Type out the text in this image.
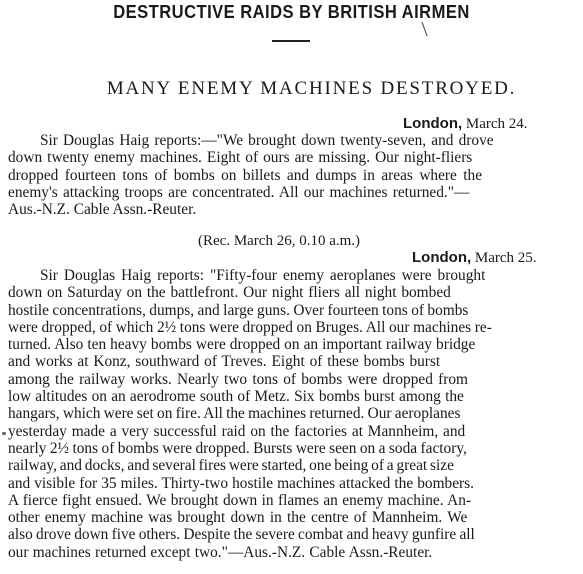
DESTRUCTIVE RAIDS BY BRITISH AIRMEN
MANY ENEMY MACHINES DESTROYED.
London, March 24.
Sir Douglas Haig reports:—"We brought down twenty-seven, and drove
down twenty enemy machines. Eight of ours are missing. Our night-fliers
dropped fourteen tons of bombs on billets and dumps in areas where the
enemy's attacking troops are concentrated. All our machines returned."—
Aus.-N.Z. Cable Assn.-Reuter.
(Rec. March 26, 0.10 a.m.)
London, March 25.
Sir Douglas Haig reports: "Fifty-four enemy aeroplanes were brought
down on Saturday on the battlefront. Our night fliers all night bombed
hostile concentrations, dumps, and large guns. Over fourteen tons of bombs
were dropped, of which 2½ tons were dropped on Bruges. All our machines re-
turned. Also ten heavy bombs were dropped on an important railway bridge
and works at Konz, southward of Treves. Eight of these bombs burst
among the railway works. Nearly two tons of bombs were dropped from
low altitudes on an aerodrome south of Metz. Six bombs burst among the
hangars, which were set on fire. All the machines returned. Our aeroplanes
yesterday made a very successful raid on the factories at Mannheim, and
nearly 2½ tons of bombs were dropped. Bursts were seen on a soda factory,
railway, and docks, and several fires were started, one being of a great size
and visible for 35 miles. Thirty-two hostile machines attacked the bombers.
A fierce fight ensued. We brought down in flames an enemy machine. An-
other enemy machine was brought down in the centre of Mannheim. We
also drove down five others. Despite the severe combat and heavy gunfire all
our machines returned except two."—Aus.-N.Z. Cable Assn.-Reuter.
